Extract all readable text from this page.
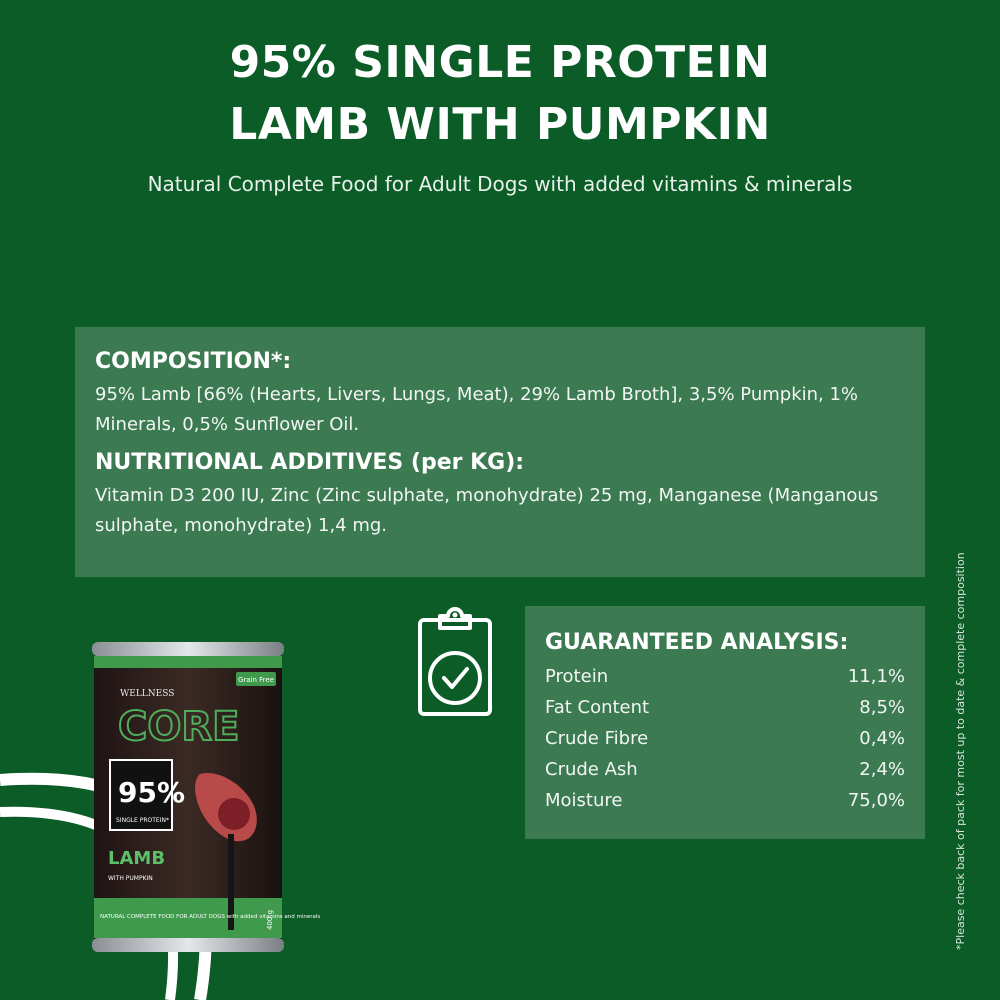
95% SINGLE PROTEIN
LAMB WITH PUMPKIN
Natural Complete Food for Adult Dogs with added vitamins & minerals
COMPOSITION*:
95% Lamb [66% (Hearts, Livers, Lungs, Meat), 29% Lamb Broth], 3,5% Pumpkin, 1% Minerals, 0,5% Sunflower Oil.
NUTRITIONAL ADDITIVES (per KG):
Vitamin D3 200 IU, Zinc (Zinc sulphate, monohydrate) 25 mg, Manganese (Manganous sulphate, monohydrate) 1,4 mg.
GUARANTEED ANALYSIS:
Protein	11,1%
Fat Content	8,5%
Crude Fibre	0,4%
Crude Ash	2,4%
Moisture	75,0%	*Please check back of pack for most up to date & complete composition
Grain Free
WELLNESS
CORE
95%
SINGLE PROTEIN*
LAMB
WITH PUMPKIN
NATURAL COMPLETE FOOD FOR ADULT DOGS with added vitamins and minerals
400 g
